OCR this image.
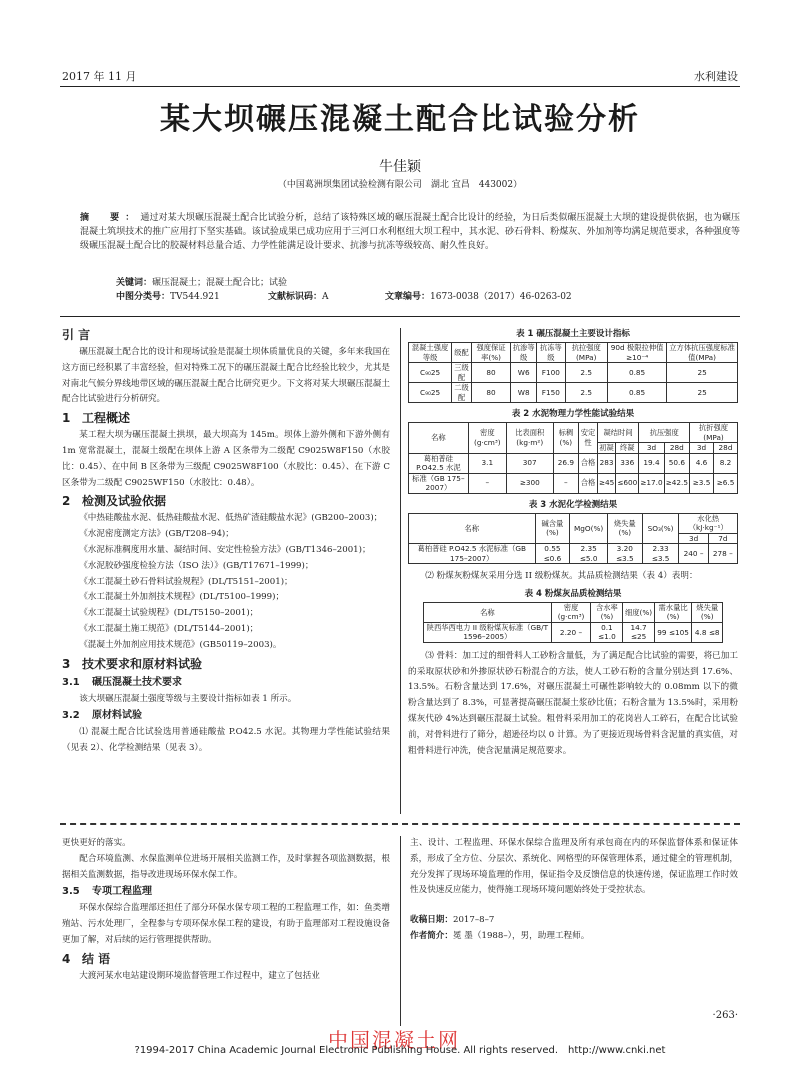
2017 年 11 月	水利建设
某大坝碾压混凝土配合比试验分析
牛佳颖
（中国葛洲坝集团试验检测有限公司　湖北 宜昌　443002）
摘　要：通过对某大坝碾压混凝土配合比试验分析，总结了该特殊区域的碾压混凝土配合比设计的经验，为日后类似碾压混凝土大坝的建设提供依据，也为碾压混凝土筑坝技术的推广应用打下坚实基础。该试验成果已成功应用于三河口水利枢纽大坝工程中，其水泥、砂石骨料、粉煤灰、外加剂等均满足规范要求，各种强度等级碾压混凝土配合比的胶凝材料总量合适、力学性能满足设计要求、抗渗与抗冻等级较高、耐久性良好。
关键词：碾压混凝土；混凝土配合比；试验
中图分类号：TV544.921	文献标识码：A	文章编号：1673-0038（2017）46-0263-02
引 言

碾压混凝土配合比的设计和现场试验是混凝土坝体质量优良的关键，多年来我国在这方面已经积累了丰富经验，但对特殊工况下的碾压混凝土配合比经验比较少，尤其是对南北气候分界线地带区域的碾压混凝土配合比研究更少。下文将对某大坝碾压混凝土配合比试验进行分析研究。

1 工程概述

某工程大坝为碾压混凝土拱坝，最大坝高为 145m。坝体上游外侧和下游外侧有 1m 宽常混凝土，混凝土级配在坝体上游 A 区条带为二级配 C9025W8F150（水胶比：0.45）、在中间 B 区条带为三级配 C9025W8F100（水胶比：0.45）、在下游 C 区条带为二级配 C9025WF150（水胶比：0.48）。

2 检测及试验依据

《中热硅酸盐水泥、低热硅酸盐水泥、低热矿渣硅酸盐水泥》(GB200–2003)；

《水泥密度测定方法》(GB/T208–94)；

《水泥标准稠度用水量、凝结时间、安定性检验方法》(GB/T1346–2001)；

《水泥胶砂强度检验方法（ISO 法）》(GB/T17671–1999)；

《水工混凝土砂石骨料试验规程》(DL/T5151–2001)；

《水工混凝土外加剂技术规程》(DL/T5100–1999)；

《水工混凝土试验规程》(DL/T5150–2001)；

《水工混凝土施工规范》(DL/T5144–2001)；

《混凝土外加剂应用技术规范》(GB50119–2003)。

3 技术要求和原材料试验
3.1 碾压混凝土技术要求

该大坝碾压混凝土强度等级与主要设计指标如表 1 所示。

3.2 原材料试验

⑴ 混凝土配合比试验选用普通硅酸盐 P.O42.5 水泥。其物理力学性能试验结果（见表 2）、化学检测结果（见表 3）。

表 1 碾压混凝土主要设计指标
混凝土强度等级	级配	强度保证率(%)	抗渗等级	抗冻等级	抗拉强度(MPa)	90d 极限拉伸值≥10⁻⁴	立方体抗压强度标准值(MPa)
C₉₀25	三级配	80	W6	F100	2.5	0.85	25
C₉₀25	二级配	80	W8	F150	2.5	0.85	25
表 2 水泥物理力学性能试验结果
名称	密度(g·cm³)	比表面积(kg·m²)	标稠(%)	安定性	凝结时间		抗压强度		抗折强度(MPa)	
					初凝	终凝	3d	28d	3d	28d
葛柏普硅 P.O42.5 水泥	3.1	307	26.9	合格	283	336	19.4	50.6	4.6	8.2
标准（GB 175–2007）	–	≥300	–	合格	≥45	≤600	≥17.0	≥42.5	≥3.5	≥6.5
表 3 水泥化学检测结果
名称	碱含量(%)	MgO(%)	烧失量(%)	SO₃(%)	水化热（kJ·kg⁻¹）	
					3d	7d
葛柏普硅 P.O42.5 水泥标准（GB 175–2007）	0.55 ≤0.6	2.35 ≤5.0	3.20 ≤3.5	2.33 ≤3.5	240 –	278 –

⑵ 粉煤灰粉煤灰采用分选 II 级粉煤灰。其品质检测结果（表 4）表明：

表 4 粉煤灰品质检测结果
名称	密度(g·cm³)	含水率(%)	细度(%)	需水量比(%)	烧失量(%)
陕西华西电力 II 级粉煤灰标准（GB/T 1596–2005）	2.20 –	0.1 ≤1.0	14.7 ≤25	99 ≤105	4.8 ≤8

⑶ 骨料：加工过的细骨料人工砂粉含量低，为了满足配合比试验的需要，将已加工的采取原状砂和外掺原状砂石粉混合的方法，使人工砂石粉的含量分别达到 17.6%、13.5%。石粉含量达到 17.6%，对碾压混凝土可碾性影响较大的 0.08mm 以下的微粉含量达到了 8.3%，可显著提高碾压混凝土浆砂比值；石粉含量为 13.5%时，采用粉煤灰代砂 4%达到碾压混凝土试验。粗骨料采用加工的花岗岩人工碎石，在配合比试验前，对骨料进行了筛分，超逊径均以 0 计算。为了更接近现场骨料含泥量的真实值，对粗骨料进行冲洗，使含泥量满足规范要求。

更快更好的落实。

配合环境监测、水保监测单位进场开展相关监测工作，及时掌握各项监测数据，根据相关监测数据，指导改进现场环保水保工作。

3.5 专项工程监理

环保水保综合监理部还担任了部分环保水保专项工程的工程监理工作，如：鱼类增殖站、污水处理厂，全程参与专项环保水保工程的建设，有助于监理部对工程设施设备更加了解，对后续的运行管理提供帮助。

4 结 语

大渡河某水电站建设期环境监督管理工作过程中，建立了包括业

主、设计、工程监理、环保水保综合监理及所有承包商在内的环保监督体系和保证体系，形成了全方位、分层次、系统化、网格型的环保管理体系，通过健全的管理机制，充分发挥了现场环境监理的作用，保证指令及反馈信息的快速传递，保证监理工作时效性及快速反应能力，使得施工现场环境问题始终处于受控状态。

收稿日期：2017–8–7
作者简介：冕 墨（1988–），男，助理工程师。
·263·
中国混凝土网
?1994-2017 China Academic Journal Electronic Publishing House. All rights reserved.　http://www.cnki.net
